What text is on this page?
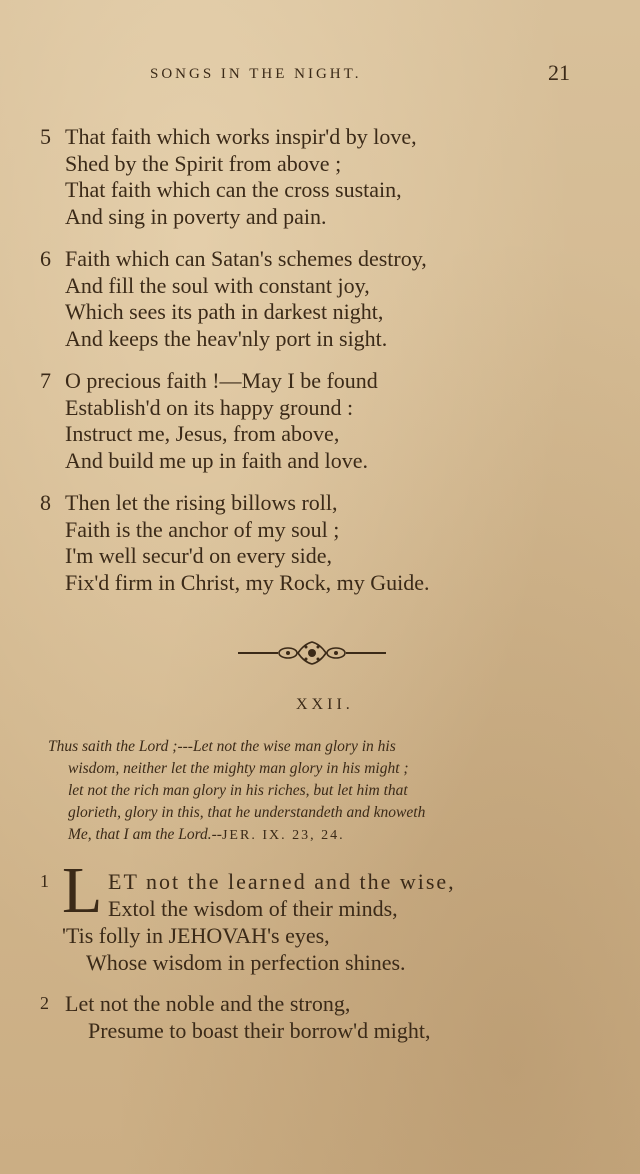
SONGS IN THE NIGHT.	21
5 That faith which works inspir'd by love,
Shed by the Spirit from above ;
That faith which can the cross sustain,
And sing in poverty and pain.
6 Faith which can Satan's schemes destroy,
And fill the soul with constant joy,
Which sees its path in darkest night,
And keeps the heav'nly port in sight.
7 O precious faith !—May I be found
Establish'd on its happy ground :
Instruct me, Jesus, from above,
And build me up in faith and love.
8 Then let the rising billows roll,
Faith is the anchor of my soul ;
I'm well secur'd on every side,
Fix'd firm in Christ, my Rock, my Guide.
XXII.
Thus saith the Lord ;---Let not the wise man glory in his
wisdom, neither let the mighty man glory in his might ;
let not the rich man glory in his riches, but let him that
glorieth, glory in this, that he understandeth and knoweth
Me, that I am the Lord.--JER. IX. 23, 24.
L
1	ET not the learned and the wise,
Extol the wisdom of their minds,
'Tis folly in JEHOVAH's eyes,
Whose wisdom in perfection shines.
2 Let not the noble and the strong,
Presume to boast their borrow'd might,
